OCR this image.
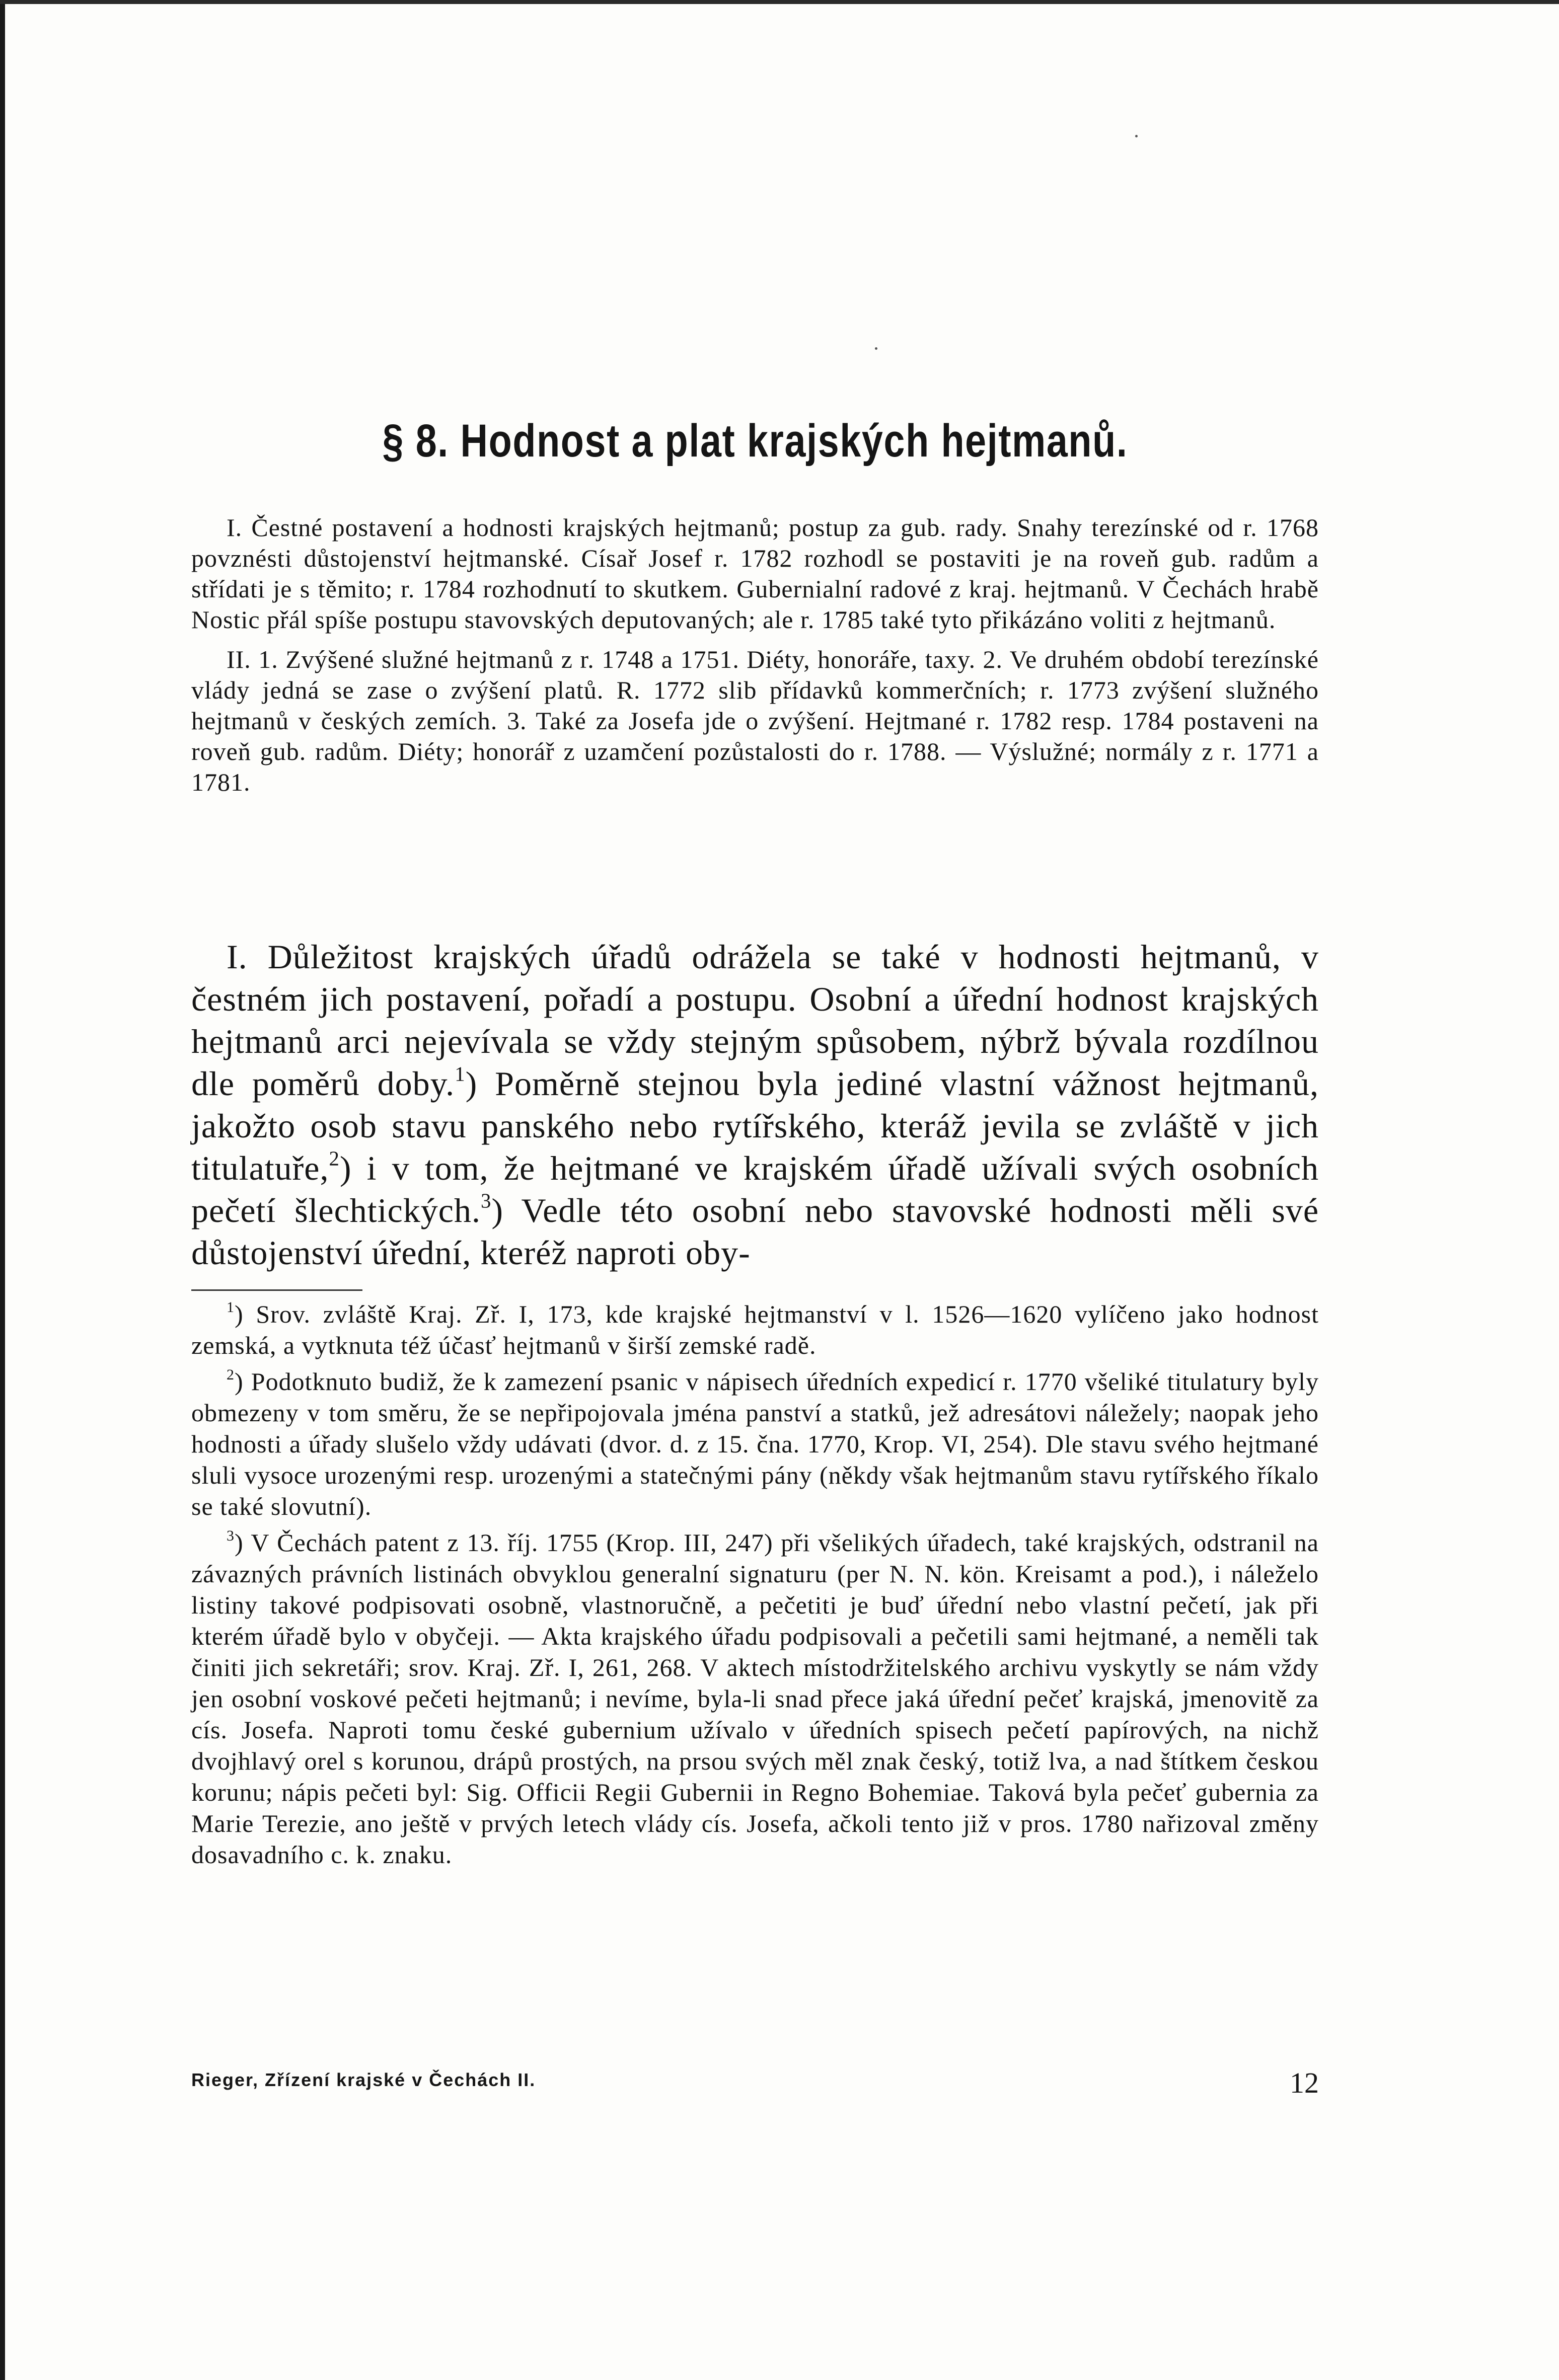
§ 8. Hodnost a plat krajských hejtmanů.

I. Čestné postavení a hodnosti krajských hejtmanů; postup za gub. rady. Snahy terezínské od r. 1768 povznésti důstojenství hejtmanské. Císař Josef r. 1782 rozhodl se postaviti je na roveň gub. radům a střídati je s těmito; r. 1784 rozhodnutí to skutkem. Gubernialní radové z kraj. hejtmanů. V Čechách hrabě Nostic přál spíše postupu stavovských deputovaných; ale r. 1785 také tyto přikázáno voliti z hejtmanů.

II. 1. Zvýšené služné hejtmanů z r. 1748 a 1751. Diéty, honoráře, taxy. 2. Ve druhém období terezínské vlády jedná se zase o zvýšení platů. R. 1772 slib přídavků kommerčních; r. 1773 zvýšení služného hejtmanů v českých zemích. 3. Také za Josefa jde o zvýšení. Hejtmané r. 1782 resp. 1784 postaveni na roveň gub. radům. Diéty; honorář z uzamčení pozůstalosti do r. 1788. — Výslužné; normály z r. 1771 a 1781.

I. Důležitost krajských úřadů odrážela se také v hodnosti hejtmanů, v čestném jich postavení, pořadí a postupu. Osobní a úřední hodnost krajských hejtmanů arci nejevívala se vždy stejným spůsobem, nýbrž bývala rozdílnou dle poměrů doby.$^1$) Poměrně stejnou byla jediné vlastní vážnost hejtmanů, jakožto osob stavu panského nebo rytířského, kteráž jevila se zvláště v jich titulatuře,$^2$) i v tom, že hejtmané ve krajském úřadě užívali svých osobních pečetí šlechtických.$^3$) Vedle této osobní nebo stavovské hodnosti měli své důstojenství úřední, kteréž naproti oby-

$^1$) Srov. zvláště Kraj. Zř. I, 173, kde krajské hejtmanství v l. 1526—1620 vylíčeno jako hodnost zemská, a vytknuta též účasť hejtmanů v širší zemské radě.

$^2$) Podotknuto budiž, že k zamezení psanic v nápisech úředních expedicí r. 1770 všeliké titulatury byly obmezeny v tom směru, že se nepřipojovala jména panství a statků, jež adresátovi náležely; naopak jeho hodnosti a úřady slušelo vždy udávati (dvor. d. z 15. čna. 1770, Krop. VI, 254). Dle stavu svého hejtmané sluli vysoce urozenými resp. urozenými a statečnými pány (někdy však hejtmanům stavu rytířského říkalo se také slovutní).

$^3$) V Čechách patent z 13. říj. 1755 (Krop. III, 247) při všelikých úřadech, také krajských, odstranil na závazných právních listinách obvyklou generalní signaturu (per N. N. kön. Kreisamt a pod.), i náleželo listiny takové podpisovati osobně, vlastnoručně, a pečetiti je buď úřední nebo vlastní pečetí, jak při kterém úřadě bylo v obyčeji. — Akta krajského úřadu podpisovali a pečetili sami hejtmané, a neměli tak činiti jich sekretáři; srov. Kraj. Zř. I, 261, 268. V aktech místodržitelského archivu vyskytly se nám vždy jen osobní voskové pečeti hejtmanů; i nevíme, byla-li snad přece jaká úřední pečeť krajská, jmenovitě za cís. Josefa. Naproti tomu české gubernium užívalo v úředních spisech pečetí papírových, na nichž dvojhlavý orel s korunou, drápů prostých, na prsou svých měl znak český, totiž lva, a nad štítkem českou korunu; nápis pečeti byl: Sig. Officii Regii Gubernii in Regno Bohemiae. Taková byla pečeť gubernia za Marie Terezie, ano ještě v prvých letech vlády cís. Josefa, ačkoli tento již v pros. 1780 nařizoval změny dosavadního c. k. znaku.

Rieger, Zřízení krajské v Čechách II.	12
